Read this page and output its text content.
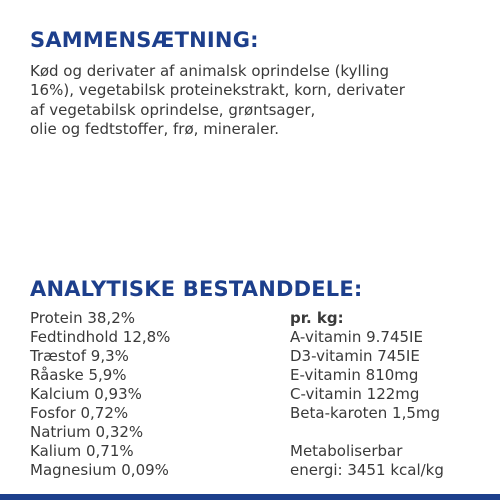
SAMMENSÆTNING:

Kød og derivater af animalsk oprindelse (kylling
16%), vegetabilsk proteinekstrakt, korn, derivater
af vegetabilsk oprindelse, grøntsager,
olie og fedtstoffer, frø, mineraler.

ANALYTISKE BESTANDDELE:
Protein 38,2%
Fedtindhold 12,8%
Træstof 9,3%
Råaske 5,9%
Kalcium 0,93%
Fosfor 0,72%
Natrium 0,32%
Kalium 0,71%
Magnesium 0,09%
pr. kg:
A-vitamin 9.745IE
D3-vitamin 745IE
E-vitamin 810mg
C-vitamin 122mg
Beta-karoten 1,5mg
Metaboliserbar
energi: 3451 kcal/kg
